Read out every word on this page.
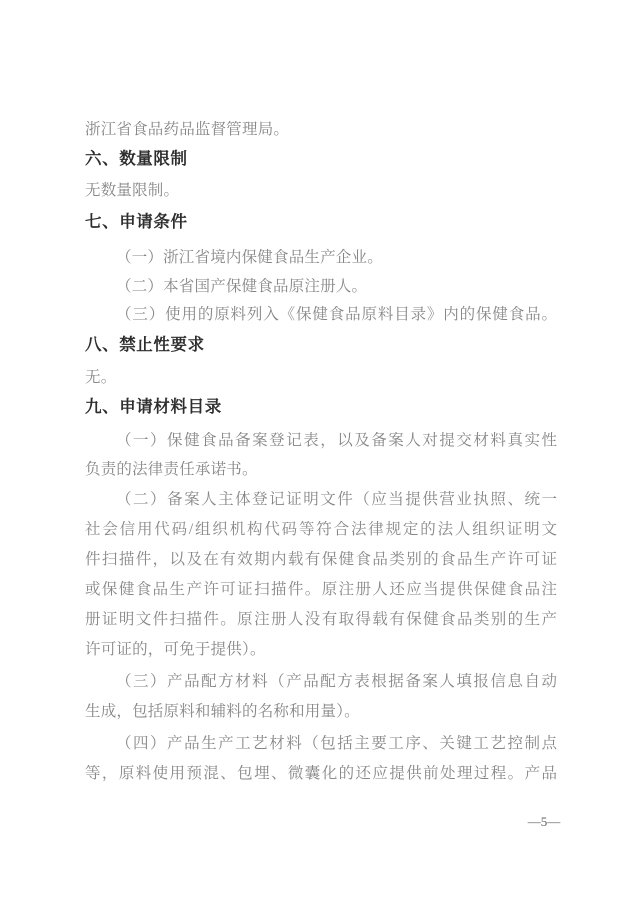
浙江省食品药品监督管理局。
六、数量限制
无数量限制。
七、申请条件
（一）浙江省境内保健食品生产企业。
（二）本省国产保健食品原注册人。
（三）使用的原料列入《保健食品原料目录》内的保健食品。
八、禁止性要求
无。
九、申请材料目录
（一）保健食品备案登记表，以及备案人对提交材料真实性
负责的法律责任承诺书。
（二）备案人主体登记证明文件（应当提供营业执照、统一
社会信用代码/组织机构代码等符合法律规定的法人组织证明文
件扫描件，以及在有效期内载有保健食品类别的食品生产许可证
或保健食品生产许可证扫描件。原注册人还应当提供保健食品注
册证明文件扫描件。原注册人没有取得载有保健食品类别的生产
许可证的，可免于提供）。
（三）产品配方材料（产品配方表根据备案人填报信息自动
生成，包括原料和辅料的名称和用量）。
（四）产品生产工艺材料（包括主要工序、关键工艺控制点
等，原料使用预混、包埋、微囊化的还应提供前处理过程。产品
—5—
